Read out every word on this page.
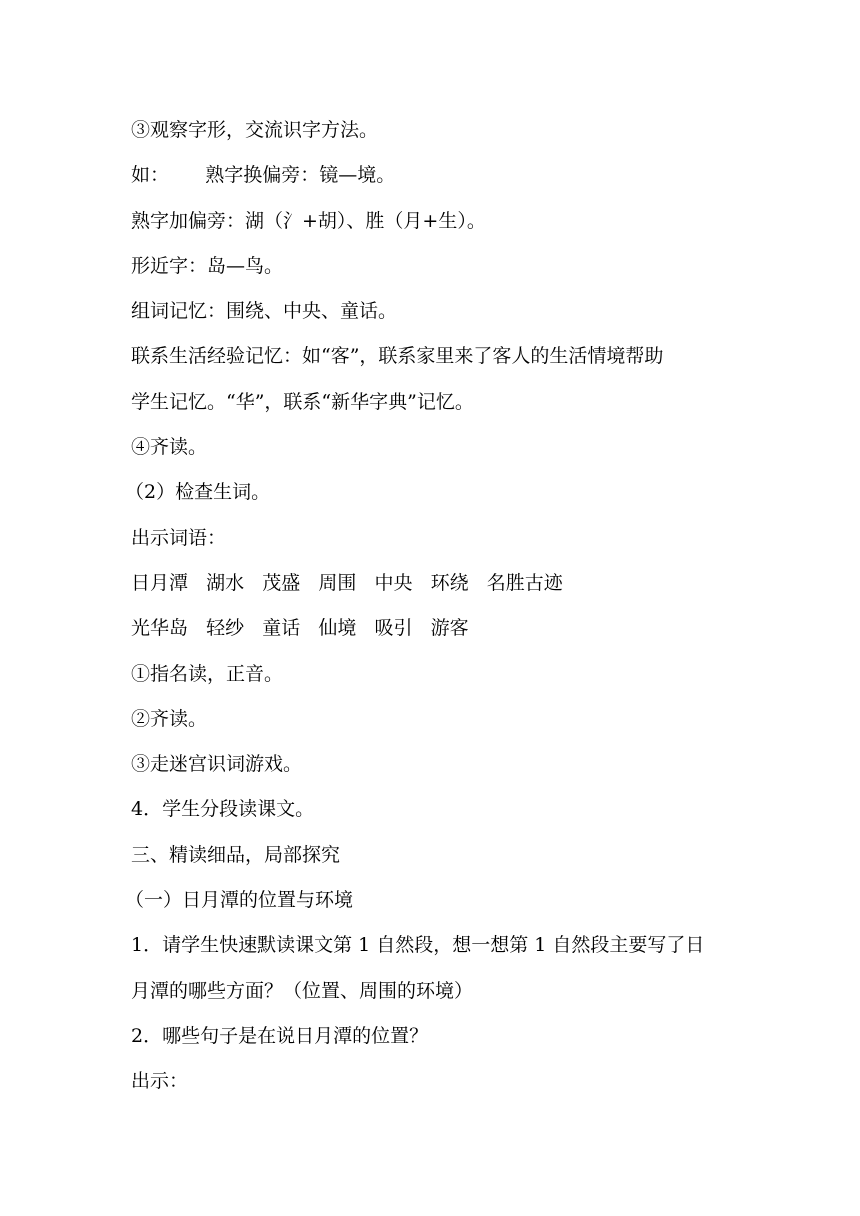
③观察字形，交流识字方法。
如：      熟字换偏旁：镜—境。
熟字加偏旁：湖（氵+胡）、胜（月+生）。
形近字：岛—鸟。
组词记忆：围绕、中央、童话。
联系生活经验记忆：如“客”，联系家里来了客人的生活情境帮助
学生记忆。“华”，联系“新华字典”记忆。
④齐读。
（2）检查生词。
出示词语：
日月潭   湖水   茂盛   周围   中央   环绕   名胜古迹
光华岛   轻纱   童话   仙境   吸引   游客
①指名读，正音。
②齐读。
③走迷宫识词游戏。
4．学生分段读课文。
三、精读细品，局部探究
（一）日月潭的位置与环境
1．请学生快速默读课文第 1 自然段，想一想第 1 自然段主要写了日
月潭的哪些方面？（位置、周围的环境）
2．哪些句子是在说日月潭的位置？
出示：
